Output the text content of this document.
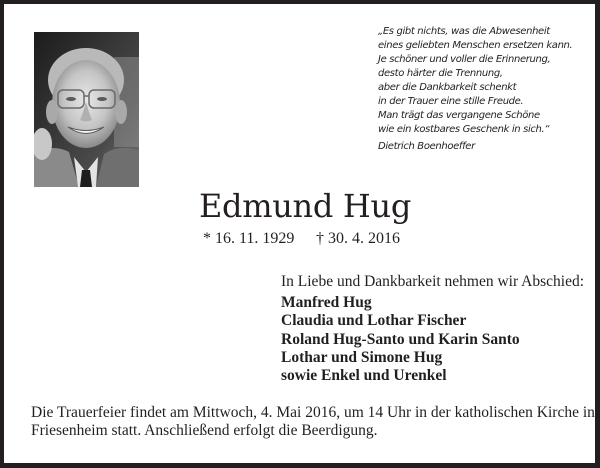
„Es gibt nichts, was die Abwesenheit
eines geliebten Menschen ersetzen kann.
Je schöner und voller die Erinnerung,
desto härter die Trennung,
aber die Dankbarkeit schenkt
in der Trauer eine stille Freude.
Man trägt das vergangene Schöne
wie ein kostbares Geschenk in sich.“
Dietrich Boenhoeffer
Edmund Hug
* 16. 11. 1929 † 30. 4. 2016
In Liebe und Dankbarkeit nehmen wir Abschied:
Manfred Hug
Claudia und Lothar Fischer
Roland Hug-Santo und Karin Santo
Lothar und Simone Hug
sowie Enkel und Urenkel
Die Trauerfeier findet am Mittwoch, 4. Mai 2016, um 14 Uhr in der katholischen Kirche in
Friesenheim statt. Anschließend erfolgt die Beerdigung.
